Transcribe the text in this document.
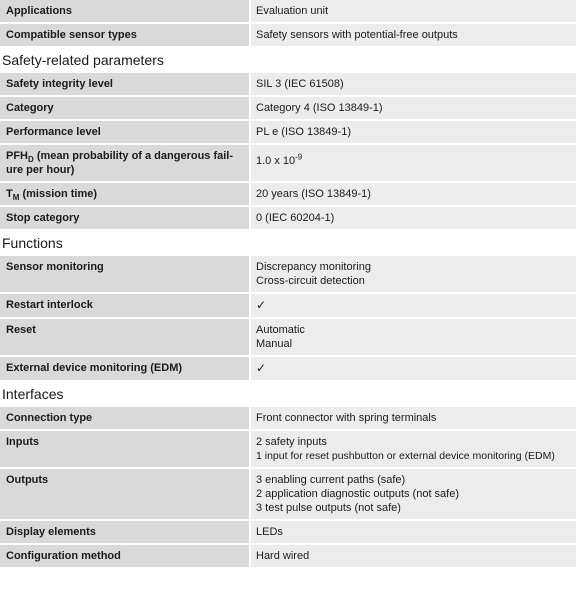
Applications	Evaluation unit
Compatible sensor types	Safety sensors with potential-free outputs
Safety-related parameters
Safety integrity level	SIL 3 (IEC 61508)
Category	Category 4 (ISO 13849-1)
Performance level	PL e (ISO 13849-1)
$PFH_D$ (mean probability of a dangerous fail-ure per hour)	1.0 x $10^{-9}$
$T_M$ (mission time)	20 years (ISO 13849-1)
Stop category	0 (IEC 60204-1)
Functions
Sensor monitoring	Discrepancy monitoring
Cross-circuit detection

Restart interlock	✓
Reset	Automatic
Manual

External device monitoring (EDM)	✓
Interfaces
Connection type	Front connector with spring terminals
Inputs	2 safety inputs
1 input for reset pushbutton or external device monitoring (EDM)

Outputs	3 enabling current paths (safe)
2 application diagnostic outputs (not safe)
3 test pulse outputs (not safe)

Display elements	LEDs
Configuration method	Hard wired
